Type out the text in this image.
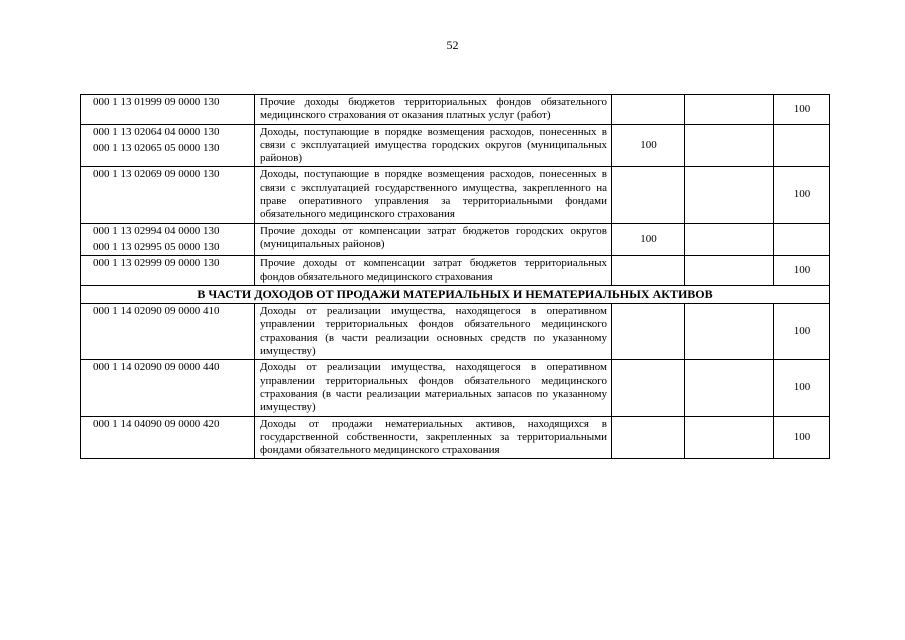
52
000 1 13 01999 09 0000 130	Прочие доходы бюджетов территориальных фондов обязательного медицинского страхования от оказания платных услуг (работ)			100

000 1 13 02064 04 0000 130
000 1 13 02065 05 0000 130	Доходы, поступающие в порядке возмещения расходов, понесенных в связи с эксплуатацией имущества городских округов (муниципальных районов)	100		

000 1 13 02069 09 0000 130	Доходы, поступающие в порядке возмещения расходов, понесенных в связи с эксплуатацией государственного имущества, закрепленного на праве оперативного управления за территориальными фондами обязательного медицинского страхования			100

000 1 13 02994 04 0000 130
000 1 13 02995 05 0000 130	Прочие доходы от компенсации затрат бюджетов городских округов (муниципальных районов)	100		

000 1 13 02999 09 0000 130	Прочие доходы от компенсации затрат бюджетов территориальных фондов обязательного медицинского страхования			100
В ЧАСТИ ДОХОДОВ ОТ ПРОДАЖИ МАТЕРИАЛЬНЫХ И НЕМАТЕРИАЛЬНЫХ АКТИВОВ				

000 1 14 02090 09 0000 410	Доходы от реализации имущества, находящегося в оперативном управлении территориальных фондов обязательного медицинского страхования (в части реализации основных средств по указанному имуществу)			100

000 1 14 02090 09 0000 440	Доходы от реализации имущества, находящегося в оперативном управлении территориальных фондов обязательного медицинского страхования (в части реализации материальных запасов по указанному имуществу)			100

000 1 14 04090 09 0000 420	Доходы от продажи нематериальных активов, находящихся в государственной собственности, закрепленных за территориальными фондами обязательного медицинского страхования			100
